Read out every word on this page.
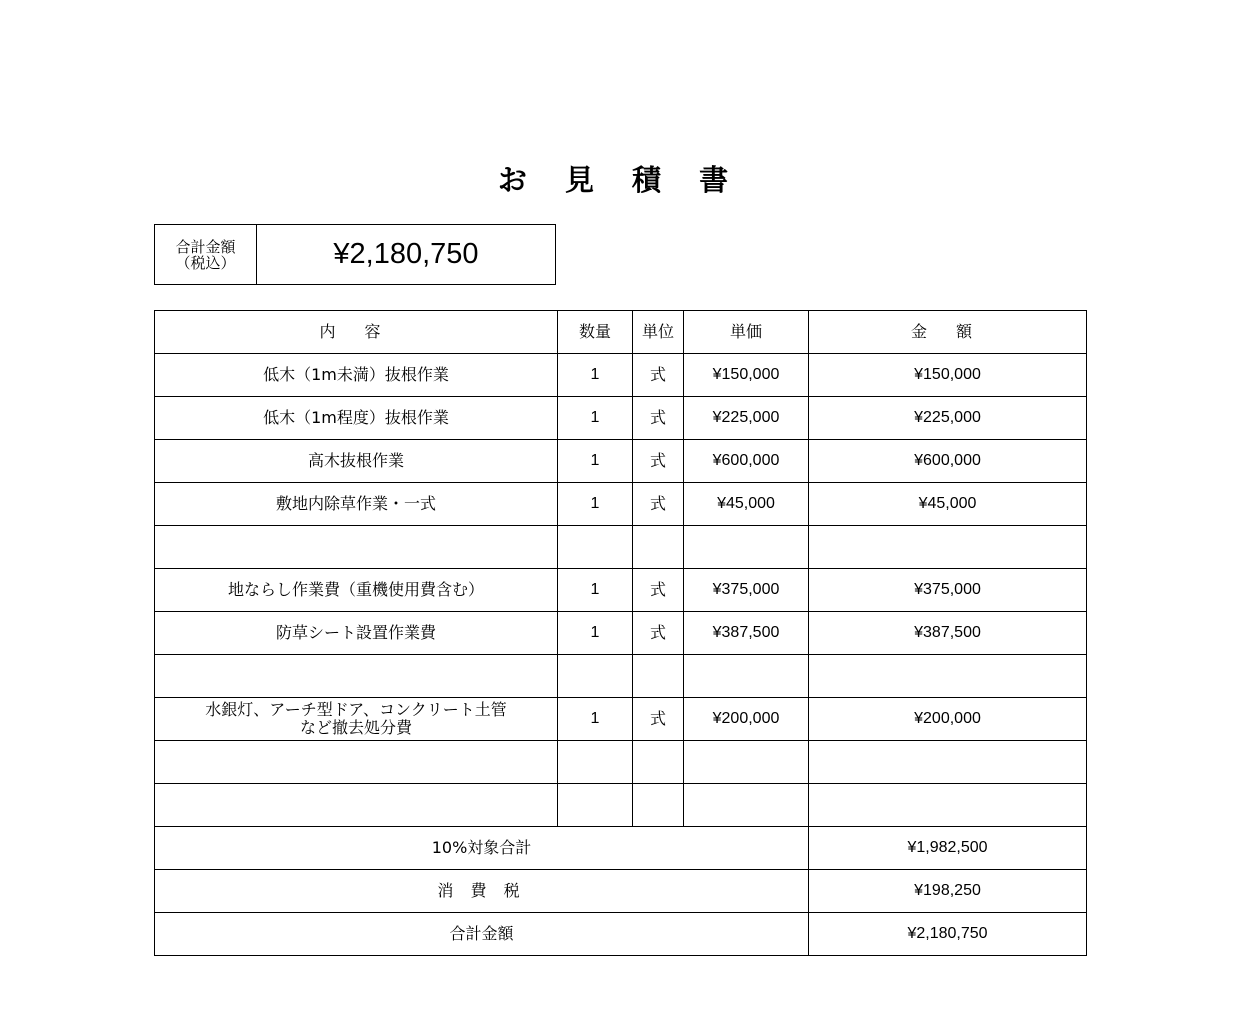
お 見 積 書
合計金額
（税込）	¥2,180,750
内 容	数量	単位	単価	金 額
低木（1m未満）抜根作業	1	式	¥150,000	¥150,000
低木（1m程度）抜根作業	1	式	¥225,000	¥225,000
高木抜根作業	1	式	¥600,000	¥600,000
敷地内除草作業・一式	1	式	¥45,000	¥45,000

地ならし作業費（重機使用費含む）	1	式	¥375,000	¥375,000
防草シート設置作業費	1	式	¥387,500	¥387,500

水銀灯、アーチ型ドア、コンクリート土管
など撤去処分費	1	式	¥200,000	¥200,000

10%対象合計				¥1,982,500
消 費 税				¥198,250
合計金額				¥2,180,750
